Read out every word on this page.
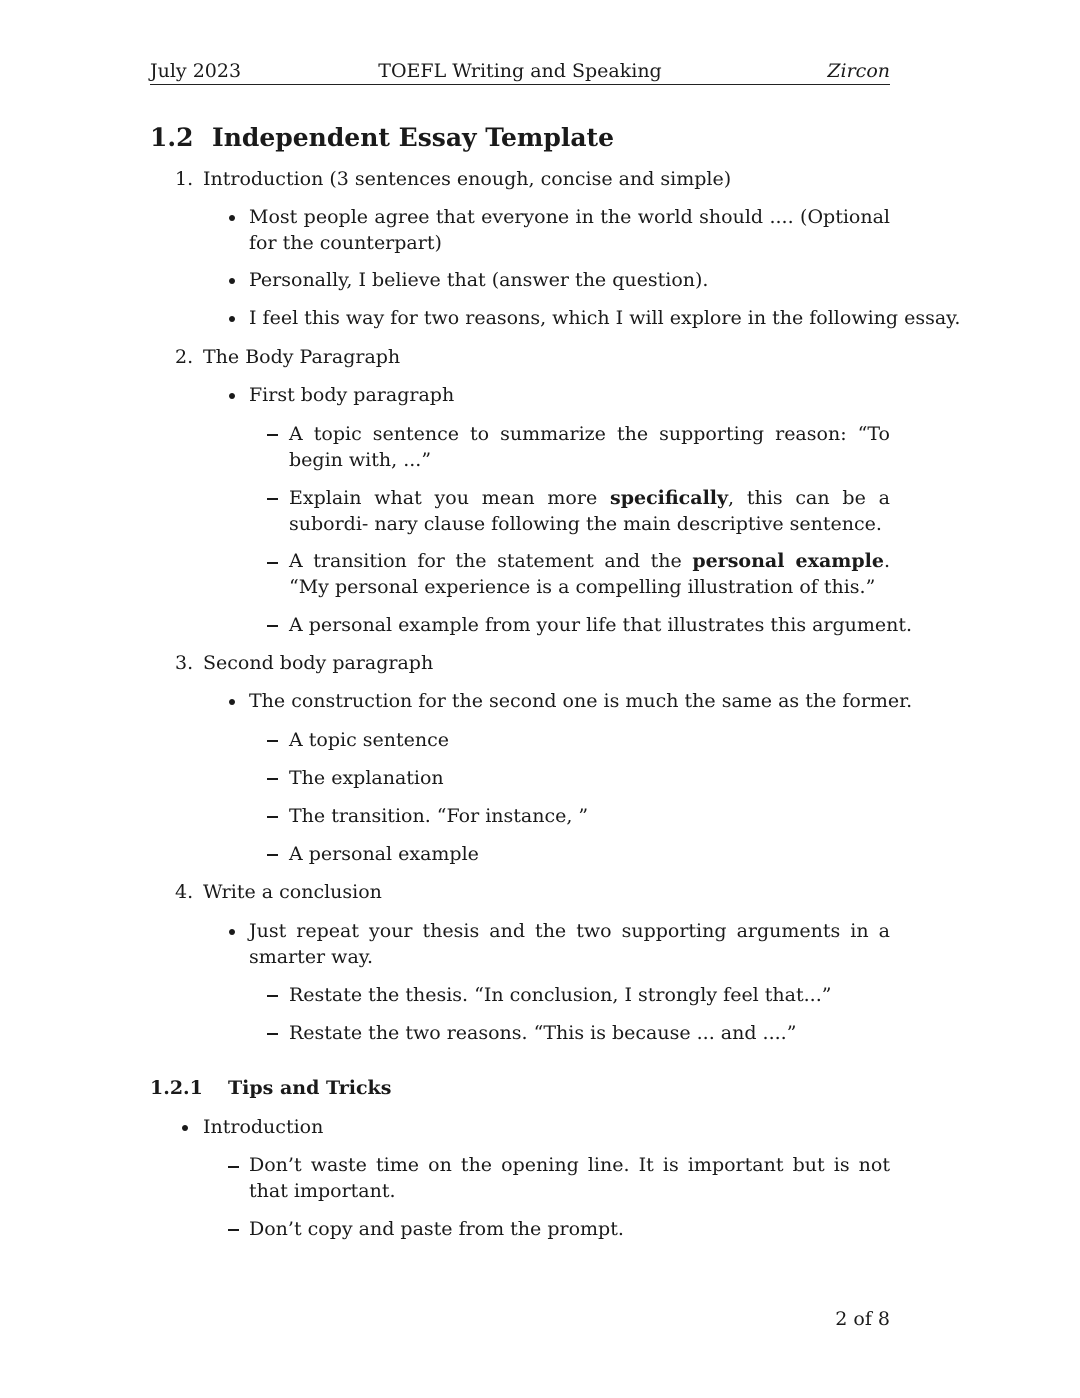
July 2023	TOEFL Writing and Speaking	Zircon
1.2 Independent Essay Template
1. Introduction (3 sentences enough, concise and simple)
Most people agree that everyone in the world should .... (Optional for the counterpart)
Personally, I believe that (answer the question).
I feel this way for two reasons, which I will explore in the following essay.
2. The Body Paragraph
First body paragraph
A topic sentence to summarize the supporting reason: “To begin with, ...”
Explain what you mean more specifically, this can be a subordi- nary clause following the main descriptive sentence.
A transition for the statement and the personal example. “My personal experience is a compelling illustration of this.”
A personal example from your life that illustrates this argument.
3. Second body paragraph
The construction for the second one is much the same as the former.
A topic sentence
The explanation
The transition. “For instance, ”
A personal example
4. Write a conclusion
Just repeat your thesis and the two supporting arguments in a smarter way.
Restate the thesis. “In conclusion, I strongly feel that...”
Restate the two reasons. “This is because ... and ....”
1.2.1 Tips and Tricks
Introduction
Don’t waste time on the opening line. It is important but is not that important.
Don’t copy and paste from the prompt.
2 of 8
